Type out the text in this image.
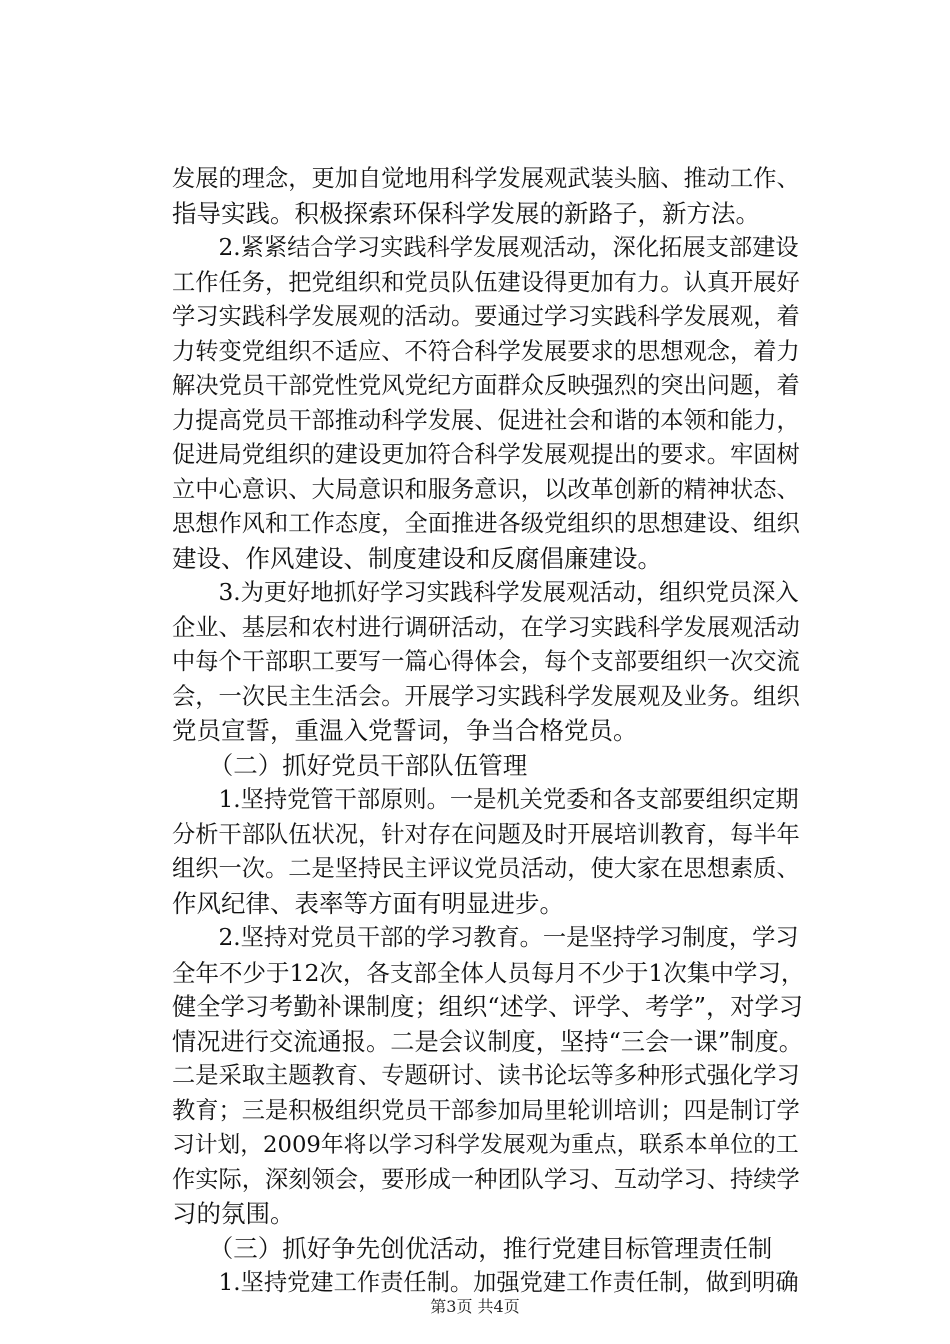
发展的理念，更加自觉地用科学发展观武装头脑、推动工作、
指导实践。积极探索环保科学发展的新路子，新方法。
　　2.紧紧结合学习实践科学发展观活动，深化拓展支部建设
工作任务，把党组织和党员队伍建设得更加有力。认真开展好
学习实践科学发展观的活动。要通过学习实践科学发展观，着
力转变党组织不适应、不符合科学发展要求的思想观念，着力
解决党员干部党性党风党纪方面群众反映强烈的突出问题，着
力提高党员干部推动科学发展、促进社会和谐的本领和能力，
促进局党组织的建设更加符合科学发展观提出的要求。牢固树
立中心意识、大局意识和服务意识，以改革创新的精神状态、
思想作风和工作态度，全面推进各级党组织的思想建设、组织
建设、作风建设、制度建设和反腐倡廉建设。
　　3.为更好地抓好学习实践科学发展观活动，组织党员深入
企业、基层和农村进行调研活动，在学习实践科学发展观活动
中每个干部职工要写一篇心得体会，每个支部要组织一次交流
会，一次民主生活会。开展学习实践科学发展观及业务。组织
党员宣誓，重温入党誓词，争当合格党员。
　　（二）抓好党员干部队伍管理
　　1.坚持党管干部原则。一是机关党委和各支部要组织定期
分析干部队伍状况，针对存在问题及时开展培训教育，每半年
组织一次。二是坚持民主评议党员活动，使大家在思想素质、
作风纪律、表率等方面有明显进步。
　　2.坚持对党员干部的学习教育。一是坚持学习制度，学习
全年不少于12次，各支部全体人员每月不少于1次集中学习，
健全学习考勤补课制度；组织“述学、评学、考学”，对学习
情况进行交流通报。二是会议制度，坚持“三会一课”制度。
二是采取主题教育、专题研讨、读书论坛等多种形式强化学习
教育；三是积极组织党员干部参加局里轮训培训；四是制订学
习计划，2009年将以学习科学发展观为重点，联系本单位的工
作实际，深刻领会，要形成一种团队学习、互动学习、持续学
习的氛围。
　　（三）抓好争先创优活动，推行党建目标管理责任制
　　1.坚持党建工作责任制。加强党建工作责任制，做到明确
第3页 共4页
